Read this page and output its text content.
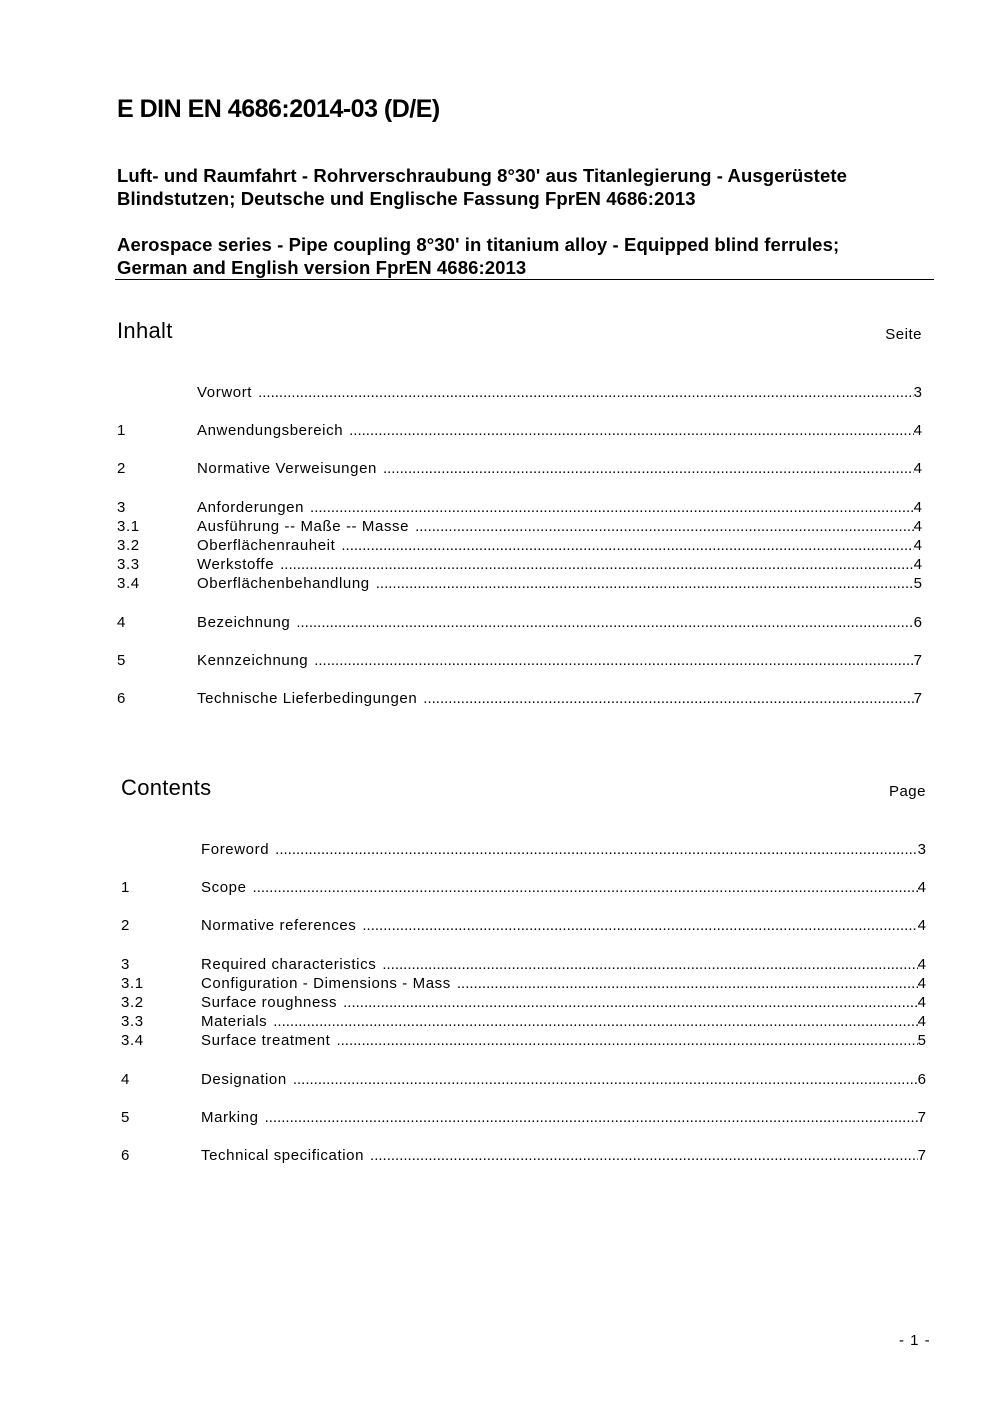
E DIN EN 4686:2014-03 (D/E)
Luft- und Raumfahrt - Rohrverschraubung 8°30' aus Titanlegierung - Ausgerüstete
Blindstutzen; Deutsche und Englische Fassung FprEN 4686:2013
Aerospace series - Pipe coupling 8°30' in titanium alloy - Equipped blind ferrules;
German and English version FprEN 4686:2013
Inhalt	Seite
Vorwort .....	3
1	Anwendungsbereich .....	4
2	Normative Verweisungen .....	4
3	Anforderungen .....	4
3.1	Ausführung -- Maße -- Masse .....	4
3.2	Oberflächenrauheit .....	4
3.3	Werkstoffe .....	4
3.4	Oberflächenbehandlung .....	5
4	Bezeichnung .....	6
5	Kennzeichnung .....	7
6	Technische Lieferbedingungen .....	7
Contents	Page
Foreword .....	3
1	Scope .....	4
2	Normative references .....	4
3	Required characteristics .....	4
3.1	Configuration - Dimensions - Mass .....	4
3.2	Surface roughness .....	4
3.3	Materials .....	4
3.4	Surface treatment .....	5
4	Designation .....	6
5	Marking .....	7
6	Technical specification .....	7
- 1 -
